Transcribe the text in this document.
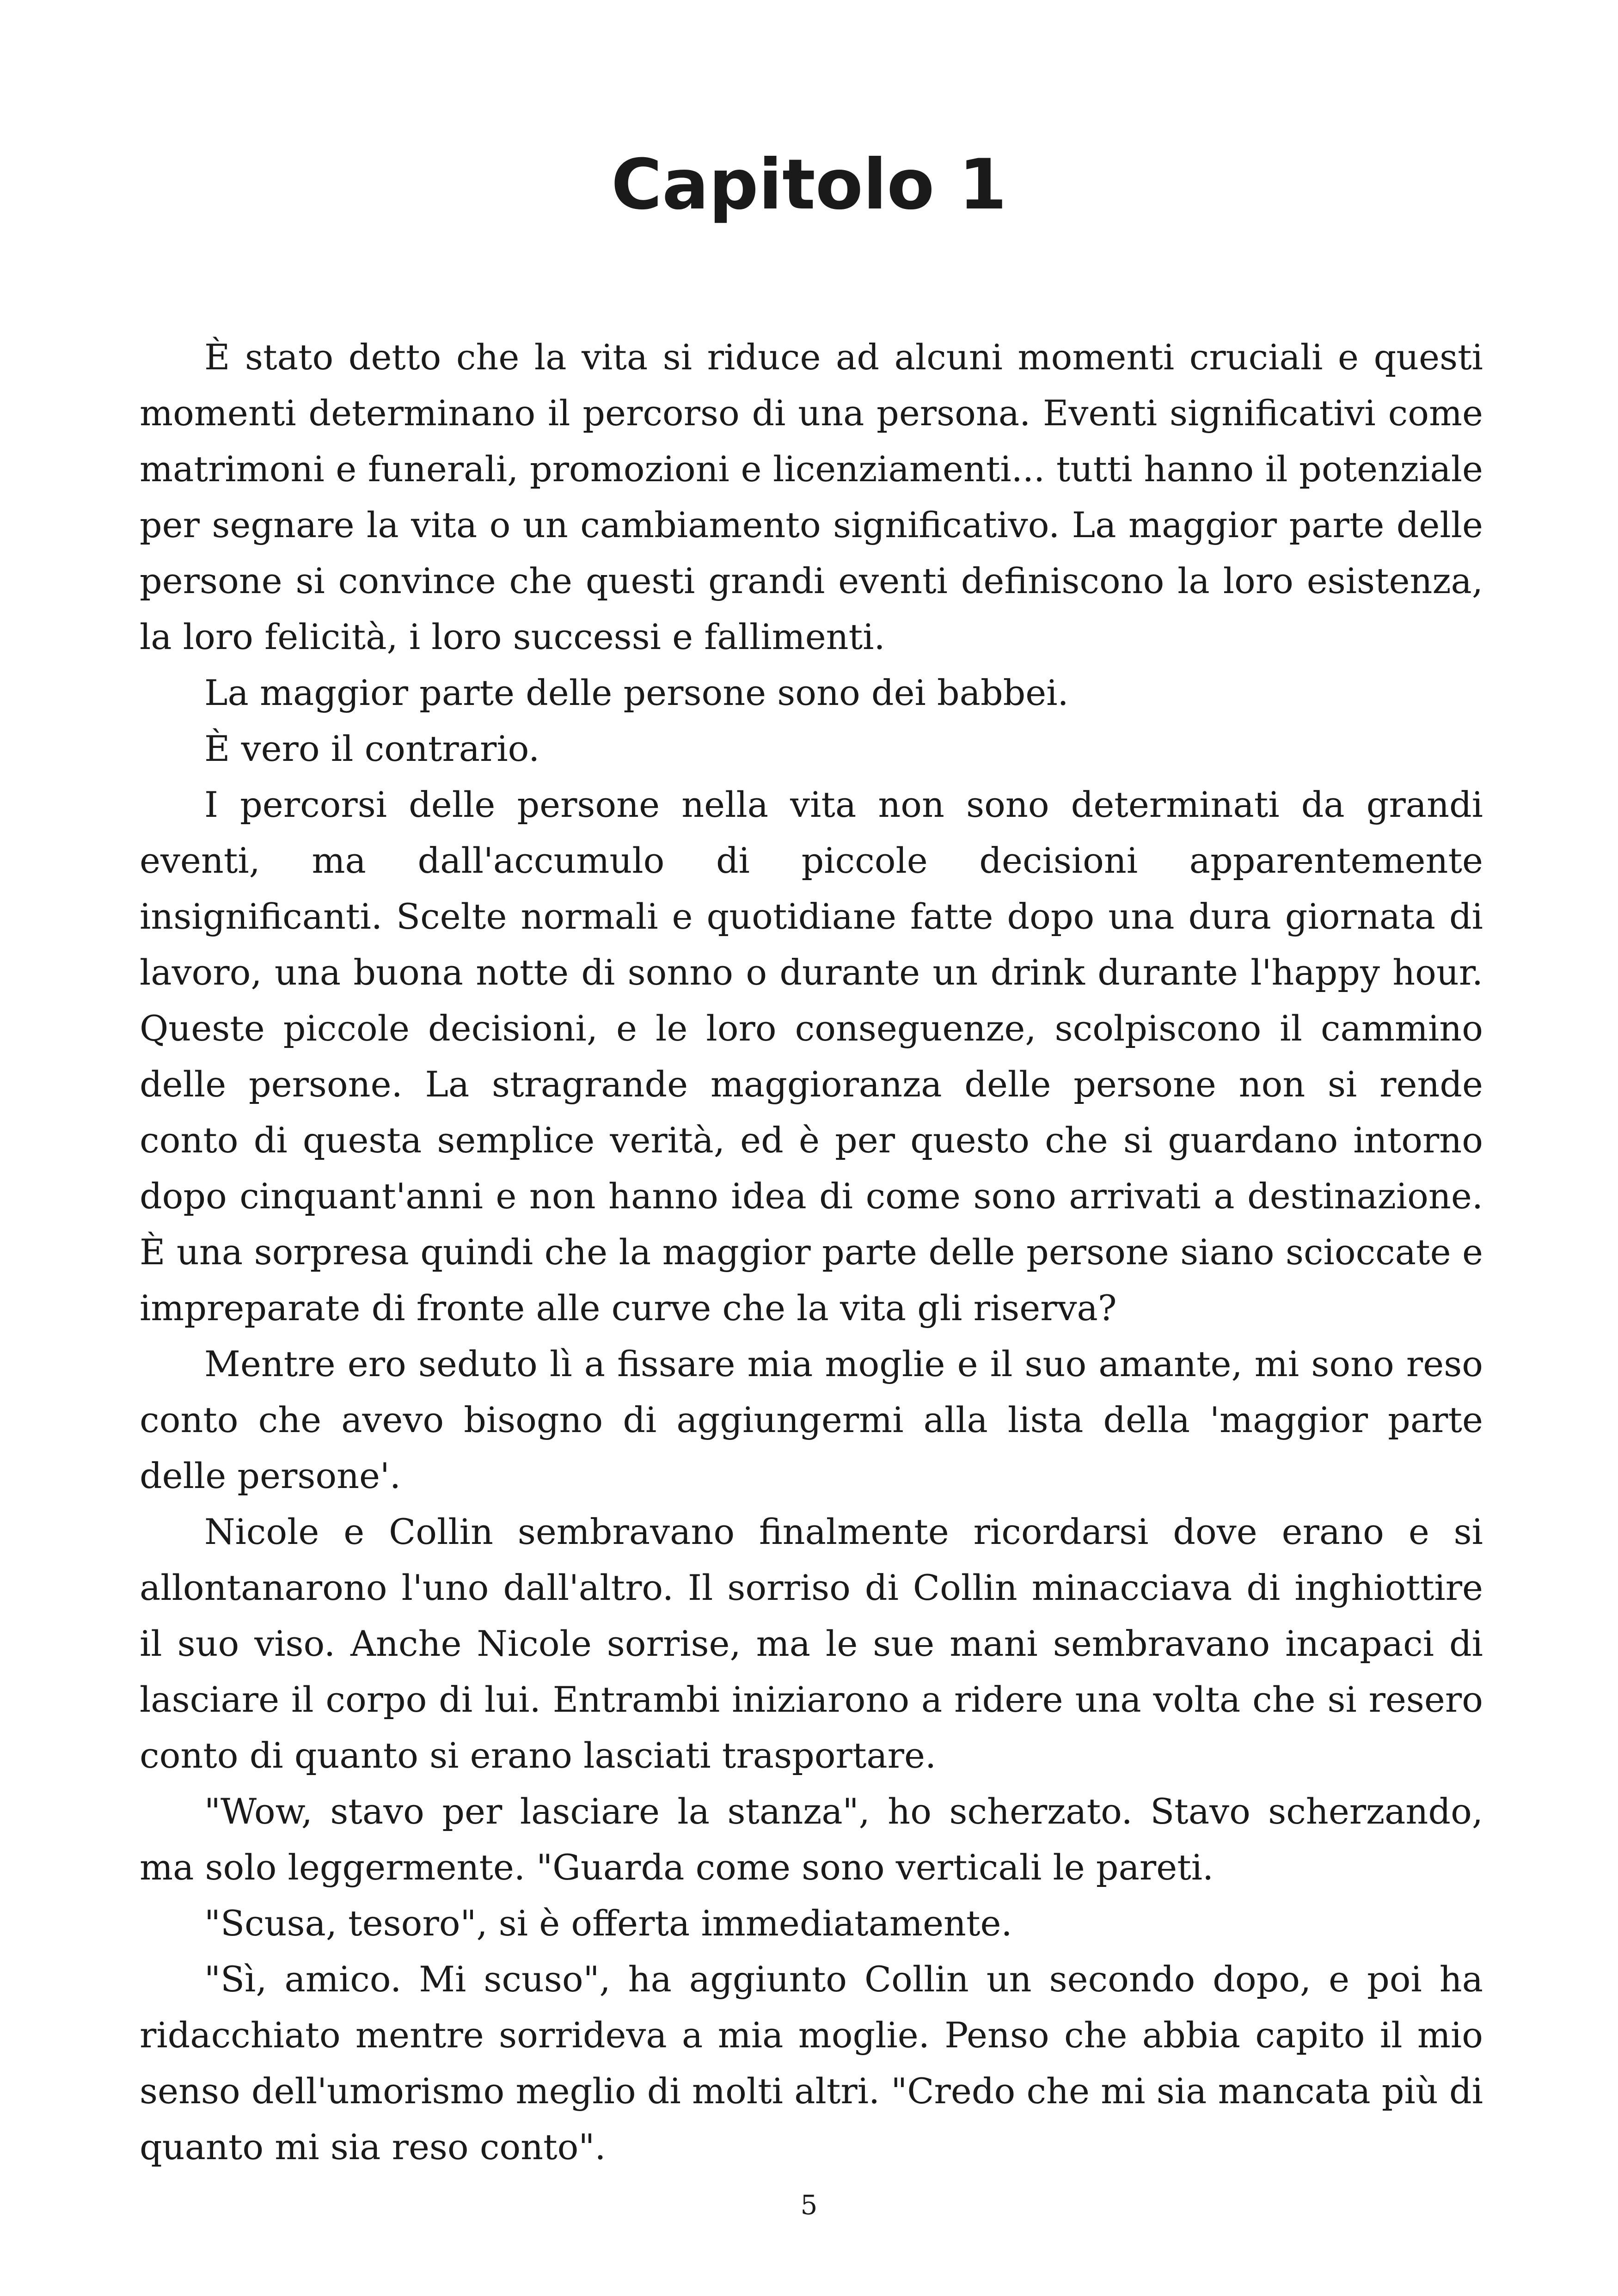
Capitolo 1

È stato detto che la vita si riduce ad alcuni momenti cruciali e questi momenti determinano il percorso di una persona. Eventi significativi come matrimoni e funerali, promozioni e licenziamenti... tutti hanno il potenziale per segnare la vita o un cambiamento significativo. La maggior parte delle persone si convince che questi grandi eventi definiscono la loro esistenza, la loro felicità, i loro successi e fallimenti.

La maggior parte delle persone sono dei babbei.

È vero il contrario.

I percorsi delle persone nella vita non sono determinati da grandi eventi, ma dall'accumulo di piccole decisioni apparentemente insignificanti. Scelte normali e quotidiane fatte dopo una dura giornata di lavoro, una buona notte di sonno o durante un drink durante l'happy hour. Queste piccole decisioni, e le loro conseguenze, scolpiscono il cammino delle persone. La stragrande maggioranza delle persone non si rende conto di questa semplice verità, ed è per questo che si guardano intorno dopo cinquant'anni e non hanno idea di come sono arrivati a destinazione. È una sorpresa quindi che la maggior parte delle persone siano scioccate e impreparate di fronte alle curve che la vita gli riserva?

Mentre ero seduto lì a fissare mia moglie e il suo amante, mi sono reso conto che avevo bisogno di aggiungermi alla lista della 'maggior parte delle persone'.

Nicole e Collin sembravano finalmente ricordarsi dove erano e si allontanarono l'uno dall'altro. Il sorriso di Collin minacciava di inghiottire il suo viso. Anche Nicole sorrise, ma le sue mani sembravano incapaci di lasciare il corpo di lui. Entrambi iniziarono a ridere una volta che si resero conto di quanto si erano lasciati trasportare.

"Wow, stavo per lasciare la stanza", ho scherzato. Stavo scherzando, ma solo leggermente. "Guarda come sono verticali le pareti.

"Scusa, tesoro", si è offerta immediatamente.

"Sì, amico. Mi scuso", ha aggiunto Collin un secondo dopo, e poi ha ridacchiato mentre sorrideva a mia moglie. Penso che abbia capito il mio senso dell'umorismo meglio di molti altri. "Credo che mi sia mancata più di quanto mi sia reso conto".

5
